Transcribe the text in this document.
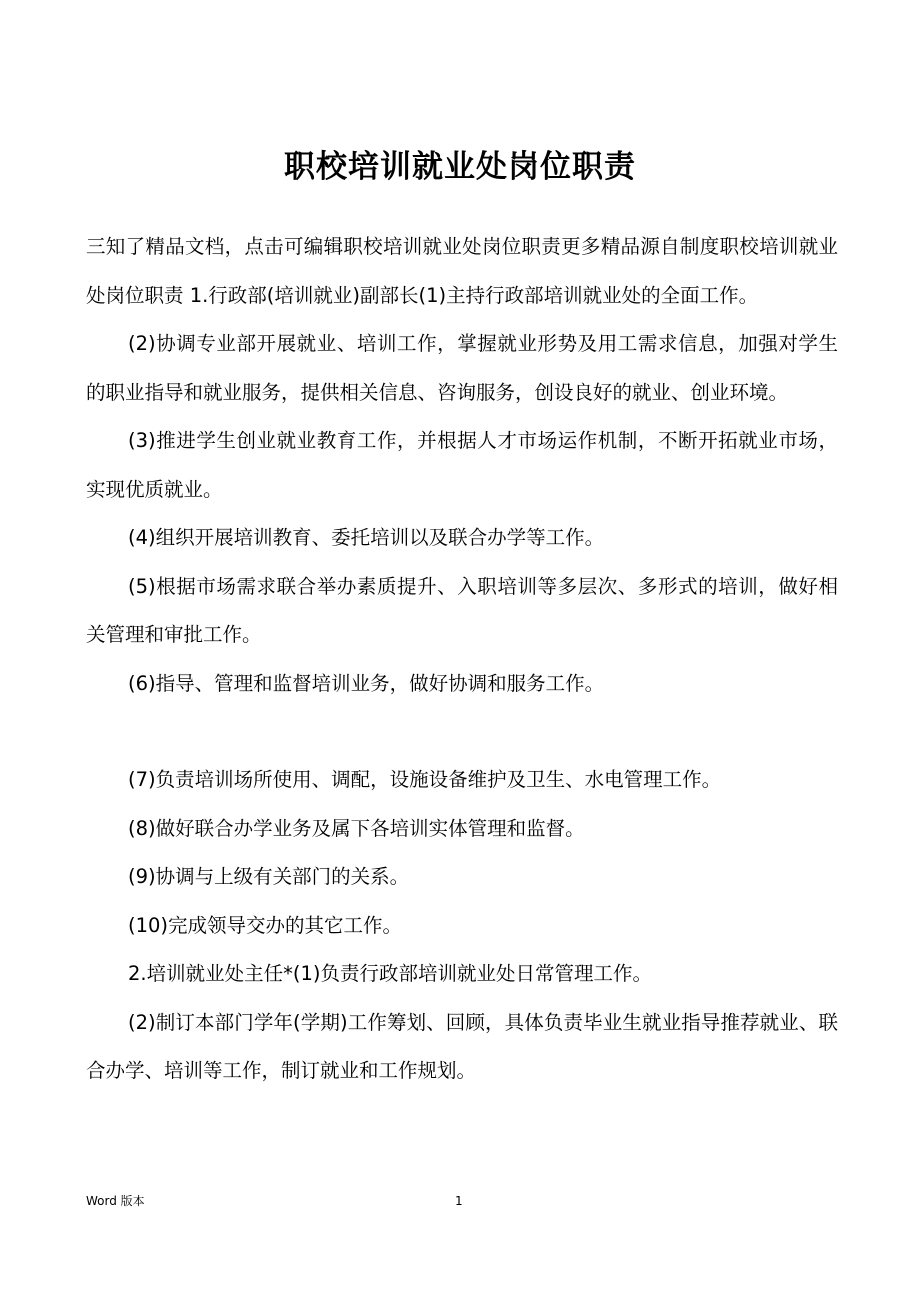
职校培训就业处岗位职责

三知了精品文档，点击可编辑职校培训就业处岗位职责更多精品源自制度职校培训就业处岗位职责 1.行政部(培训就业)副部长(1)主持行政部培训就业处的全面工作。

(2)协调专业部开展就业、培训工作，掌握就业形势及用工需求信息，加强对学生的职业指导和就业服务，提供相关信息、咨询服务，创设良好的就业、创业环境。

(3)推进学生创业就业教育工作，并根据人才市场运作机制，不断开拓就业市场，实现优质就业。

(4)组织开展培训教育、委托培训以及联合办学等工作。

(5)根据市场需求联合举办素质提升、入职培训等多层次、多形式的培训，做好相关管理和审批工作。

(6)指导、管理和监督培训业务，做好协调和服务工作。

(7)负责培训场所使用、调配，设施设备维护及卫生、水电管理工作。

(8)做好联合办学业务及属下各培训实体管理和监督。

(9)协调与上级有关部门的关系。

(10)完成领导交办的其它工作。

2.培训就业处主任*(1)负责行政部培训就业处日常管理工作。

(2)制订本部门学年(学期)工作筹划、回顾，具体负责毕业生就业指导推荐就业、联合办学、培训等工作，制订就业和工作规划。

Word 版本	1
